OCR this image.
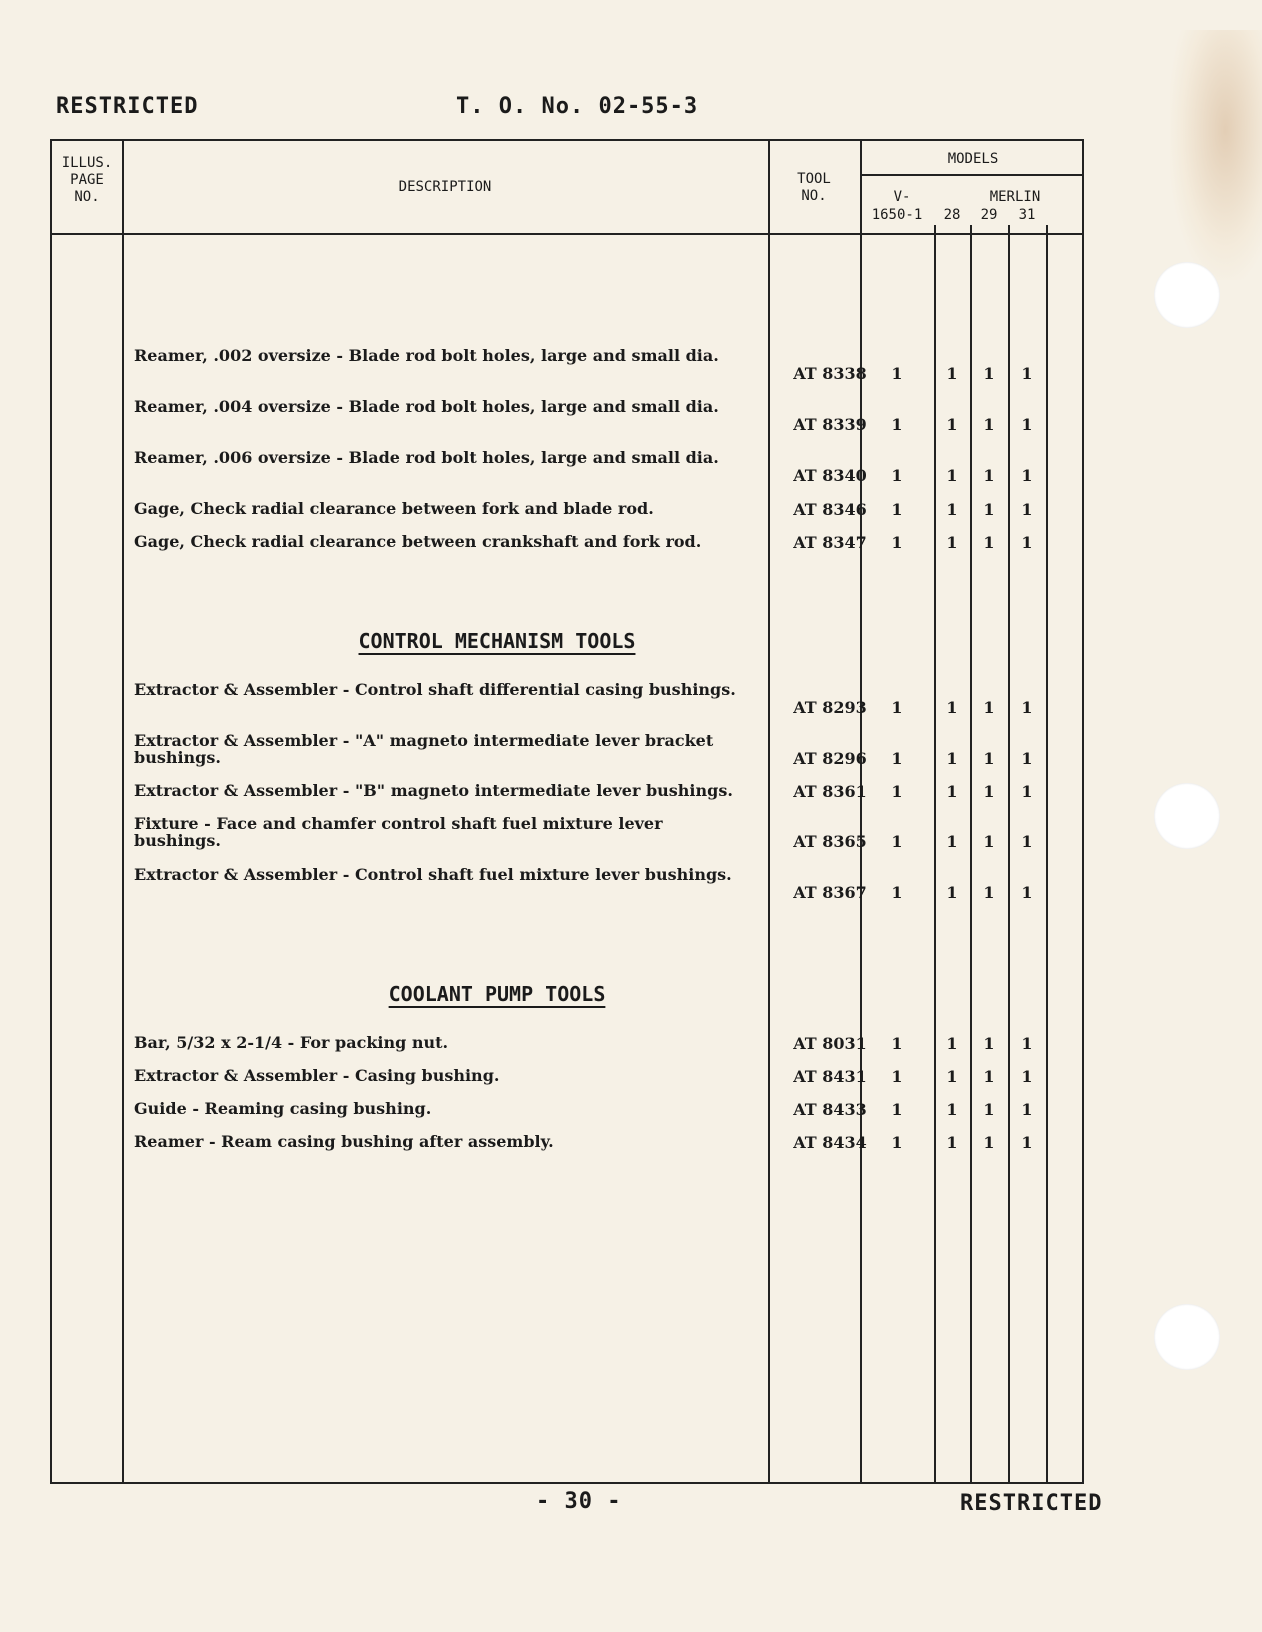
RESTRICTED	T. O. No. 02-55-3
ILLUS.
PAGE
NO.
DESCRIPTION	TOOL
NO.
MODELS
V-	MERLIN
1650-1	28	29	31
Reamer, .002 oversize - Blade rod bolt holes, large and small dia.
AT 8338	1	1	1	1
Reamer, .004 oversize - Blade rod bolt holes, large and small dia.
AT 8339	1	1	1	1
Reamer, .006 oversize - Blade rod bolt holes, large and small dia.
AT 8340	1	1	1	1
Gage, Check radial clearance between fork and blade rod.	AT 8346	1	1	1	1
Gage, Check radial clearance between crankshaft and fork rod.	AT 8347	1	1	1	1
CONTROL MECHANISM TOOLS
Extractor & Assembler - Control shaft differential casing bushings.
AT 8293	1	1	1	1
Extractor & Assembler - "A" magneto intermediate lever bracket bushings.	AT 8296	1	1	1	1
Extractor & Assembler - "B" magneto intermediate lever bushings.	AT 8361	1	1	1	1
Fixture - Face and chamfer control shaft fuel mixture lever bushings.	AT 8365	1	1	1	1
Extractor & Assembler - Control shaft fuel mixture lever bushings.
AT 8367	1	1	1	1
COOLANT PUMP TOOLS
Bar, 5/32 x 2-1/4 - For packing nut.	AT 8031	1	1	1	1
Extractor & Assembler - Casing bushing.	AT 8431	1	1	1	1
Guide - Reaming casing bushing.	AT 8433	1	1	1	1
Reamer - Ream casing bushing after assembly.	AT 8434	1	1	1	1
- 30 -	RESTRICTED
